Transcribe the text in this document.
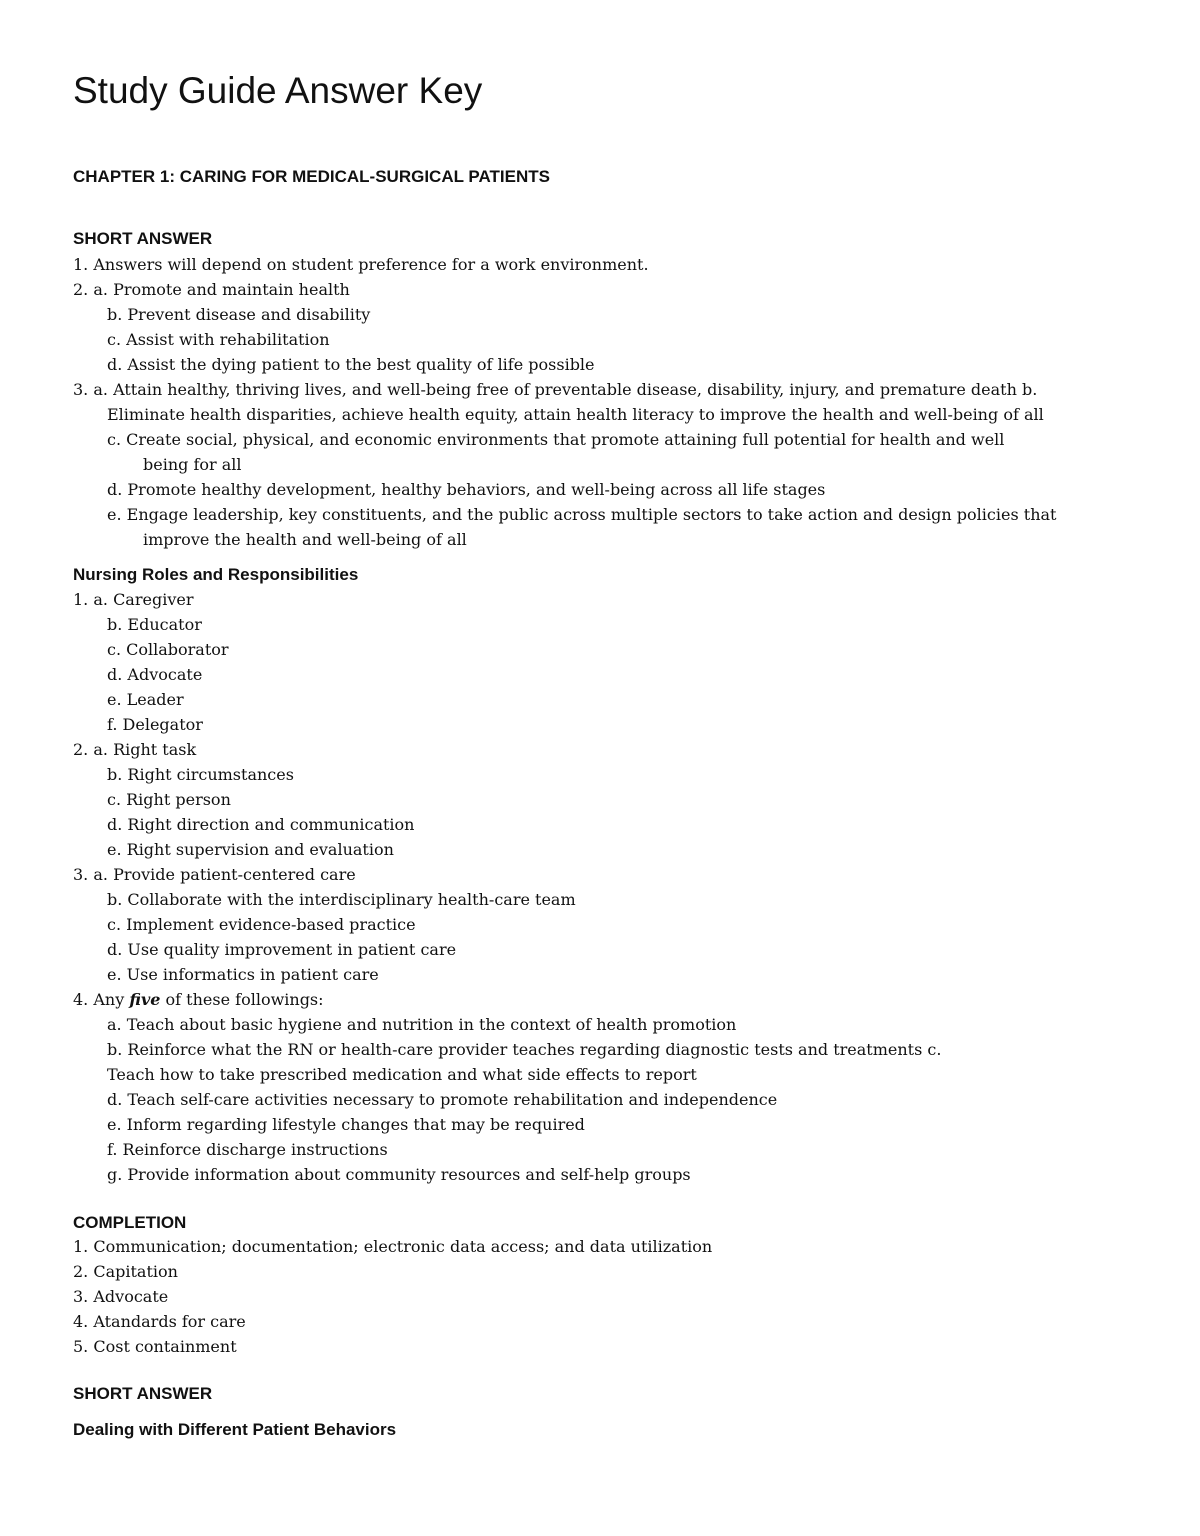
Study Guide Answer Key
CHAPTER 1: CARING FOR MEDICAL-SURGICAL PATIENTS
SHORT ANSWER
1. Answers will depend on student preference for a work environment.
2. a. Promote and maintain health
b. Prevent disease and disability
c. Assist with rehabilitation
d. Assist the dying patient to the best quality of life possible
3. a. Attain healthy, thriving lives, and well-being free of preventable disease, disability, injury, and premature death b.
Eliminate health disparities, achieve health equity, attain health literacy to improve the health and well-being of all
c. Create social, physical, and economic environments that promote attaining full potential for health and well
being for all
d. Promote healthy development, healthy behaviors, and well-being across all life stages
e. Engage leadership, key constituents, and the public across multiple sectors to take action and design policies that
improve the health and well-being of all
Nursing Roles and Responsibilities
1. a. Caregiver
b. Educator
c. Collaborator
d. Advocate
e. Leader
f. Delegator
2. a. Right task
b. Right circumstances
c. Right person
d. Right direction and communication
e. Right supervision and evaluation
3. a. Provide patient-centered care
b. Collaborate with the interdisciplinary health-care team
c. Implement evidence-based practice
d. Use quality improvement in patient care
e. Use informatics in patient care
4. Any five of these followings:
a. Teach about basic hygiene and nutrition in the context of health promotion
b. Reinforce what the RN or health-care provider teaches regarding diagnostic tests and treatments c.
Teach how to take prescribed medication and what side effects to report
d. Teach self-care activities necessary to promote rehabilitation and independence
e. Inform regarding lifestyle changes that may be required
f. Reinforce discharge instructions
g. Provide information about community resources and self-help groups
COMPLETION
1. Communication; documentation; electronic data access; and data utilization
2. Capitation
3. Advocate
4. Atandards for care
5. Cost containment
SHORT ANSWER
Dealing with Different Patient Behaviors
